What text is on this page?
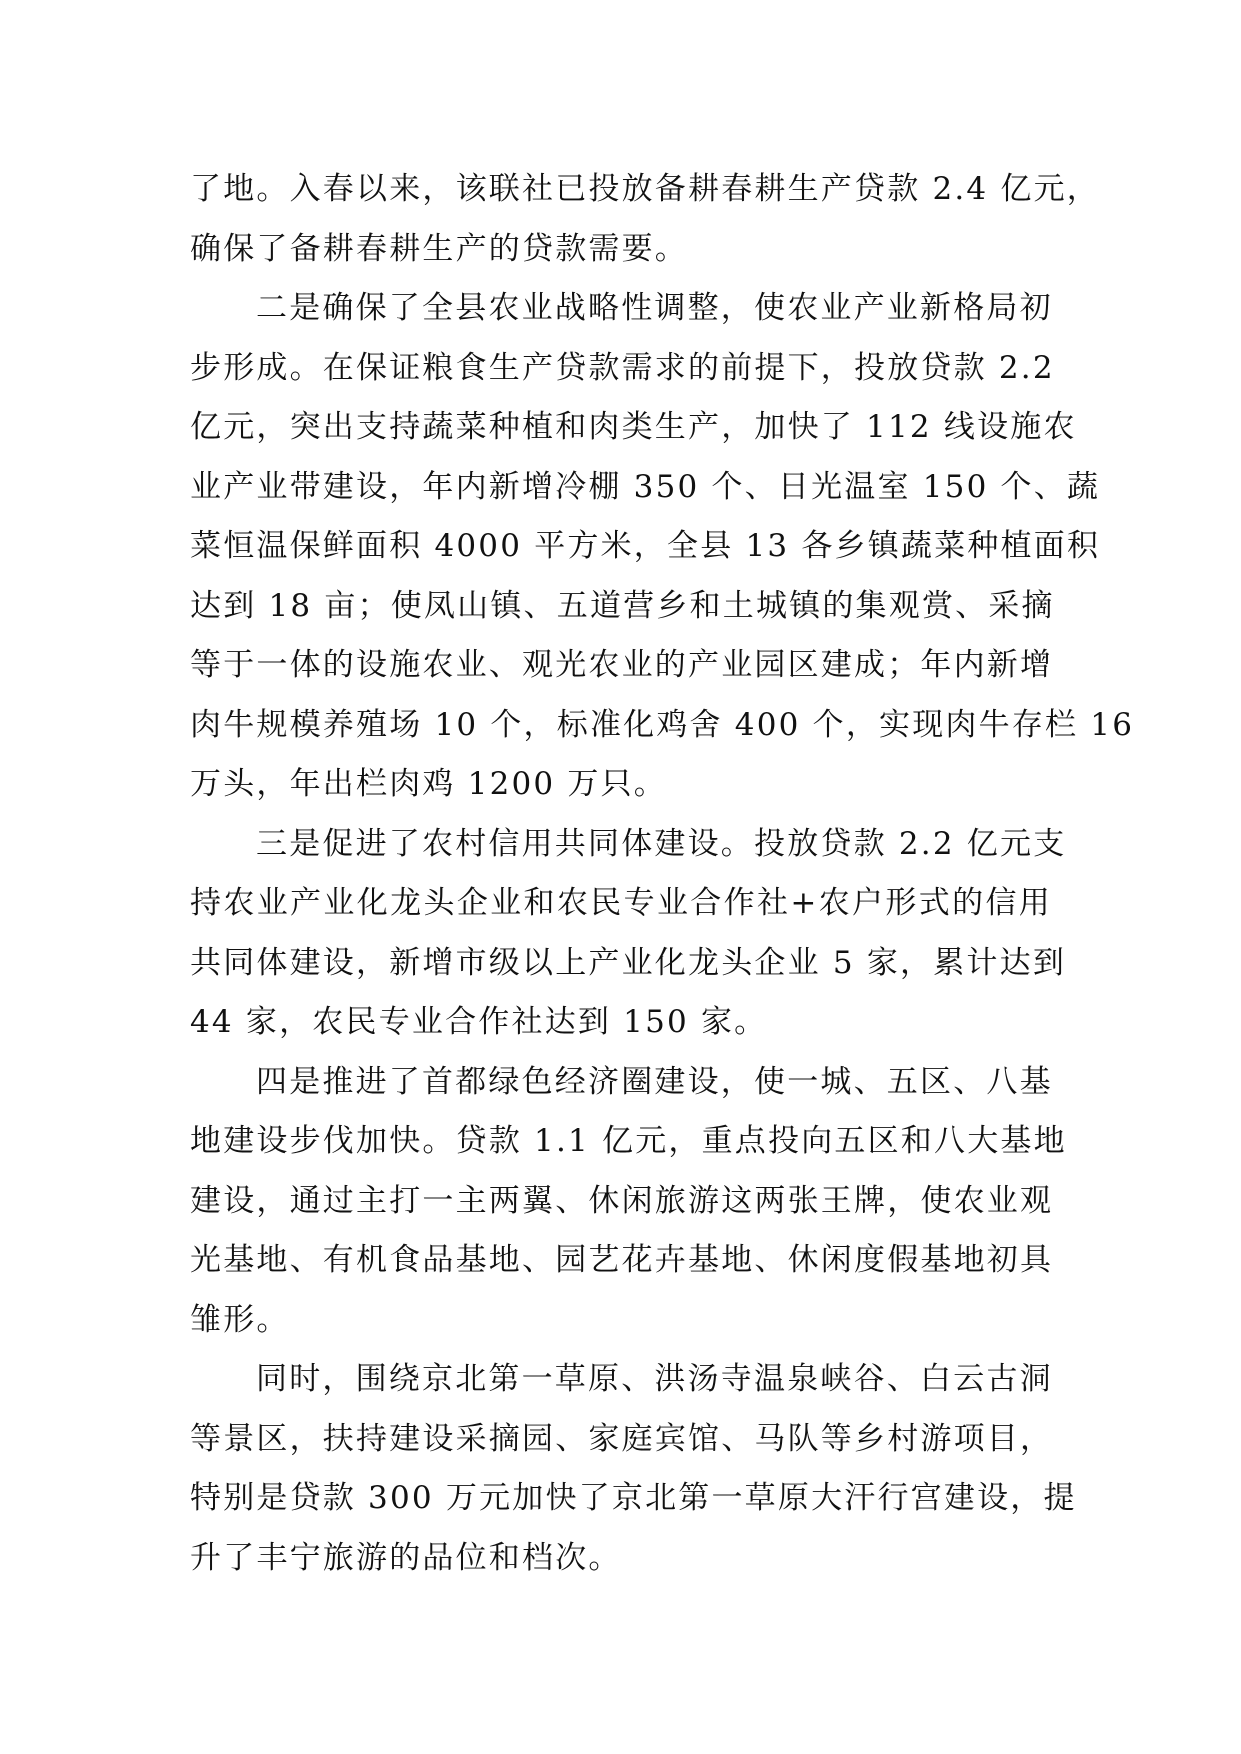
了地。入春以来，该联社已投放备耕春耕生产贷款 2.4 亿元，
确保了备耕春耕生产的贷款需要。

二是确保了全县农业战略性调整，使农业产业新格局初
步形成。在保证粮食生产贷款需求的前提下，投放贷款 2.2
亿元，突出支持蔬菜种植和肉类生产，加快了 112 线设施农
业产业带建设，年内新增冷棚 350 个、日光温室 150 个、蔬
菜恒温保鲜面积 4000 平方米，全县 13 各乡镇蔬菜种植面积
达到 18 亩；使凤山镇、五道营乡和土城镇的集观赏、采摘
等于一体的设施农业、观光农业的产业园区建成；年内新增
肉牛规模养殖场 10 个，标准化鸡舍 400 个，实现肉牛存栏 16
万头，年出栏肉鸡 1200 万只。

三是促进了农村信用共同体建设。投放贷款 2.2 亿元支
持农业产业化龙头企业和农民专业合作社+农户形式的信用
共同体建设，新增市级以上产业化龙头企业 5 家，累计达到
44 家，农民专业合作社达到 150 家。

四是推进了首都绿色经济圈建设，使一城、五区、八基
地建设步伐加快。贷款 1.1 亿元，重点投向五区和八大基地
建设，通过主打一主两翼、休闲旅游这两张王牌，使农业观
光基地、有机食品基地、园艺花卉基地、休闲度假基地初具
雏形。

同时，围绕京北第一草原、洪汤寺温泉峡谷、白云古洞
等景区，扶持建设采摘园、家庭宾馆、马队等乡村游项目，
特别是贷款 300 万元加快了京北第一草原大汗行宫建设，提
升了丰宁旅游的品位和档次。
